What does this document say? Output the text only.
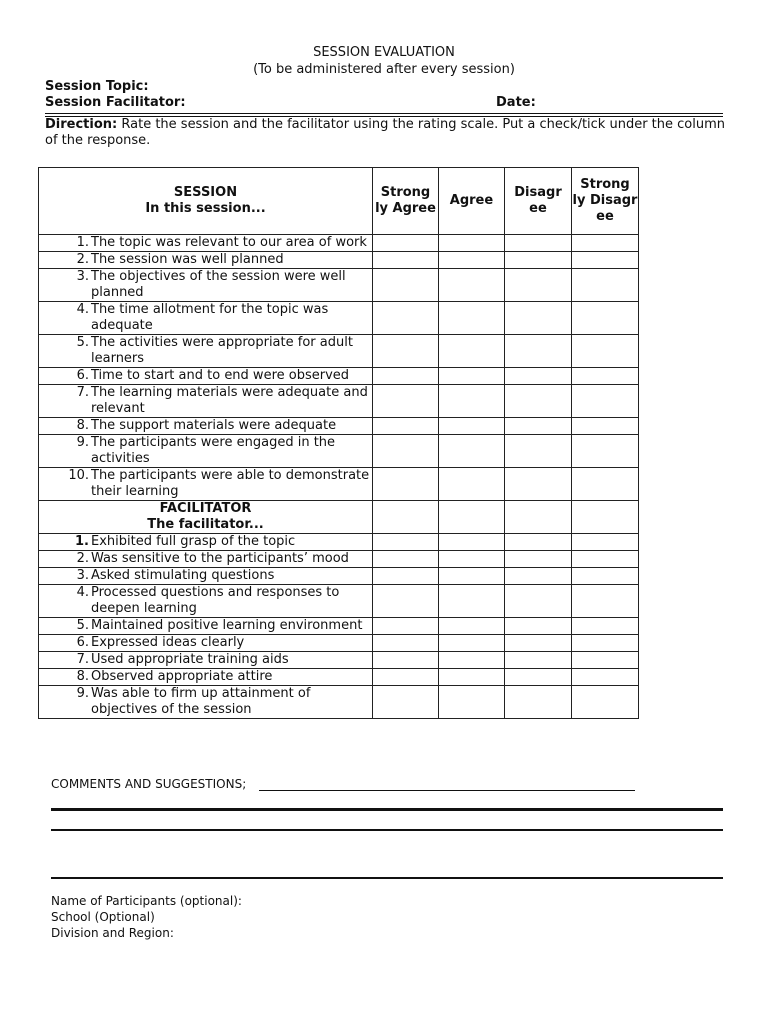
SESSION EVALUATION
(To be administered after every session)
Session Topic:
Session Facilitator:	Date:
Direction: Rate the session and the facilitator using the rating scale. Put a check/tick under the column of the response.
SESSION
In this session...	Strong ly Agree	Agree	Disagr ee	Strong ly Disagr ee

1. The topic was relevant to our area of work				

2. The session was well planned				

3. The objectives of the session were well planned				

4. The time allotment for the topic was adequate				

5. The activities were appropriate for adult learners				

6. Time to start and to end were observed				

7. The learning materials were adequate and relevant				

8. The support materials were adequate				

9. The participants were engaged in the activities				

10. The participants were able to demonstrate their learning				

FACILITATOR
The facilitator...				

1. Exhibited full grasp of the topic				

2. Was sensitive to the participants’ mood				

3. Asked stimulating questions				

4. Processed questions and responses to deepen learning				

5. Maintained positive learning environment				

6. Expressed ideas clearly				

7. Used appropriate training aids				

8. Observed appropriate attire				

9. Was able to firm up attainment of objectives of the session				

COMMENTS AND SUGGESTIONS;
Name of Participants (optional):
School (Optional)
Division and Region:
